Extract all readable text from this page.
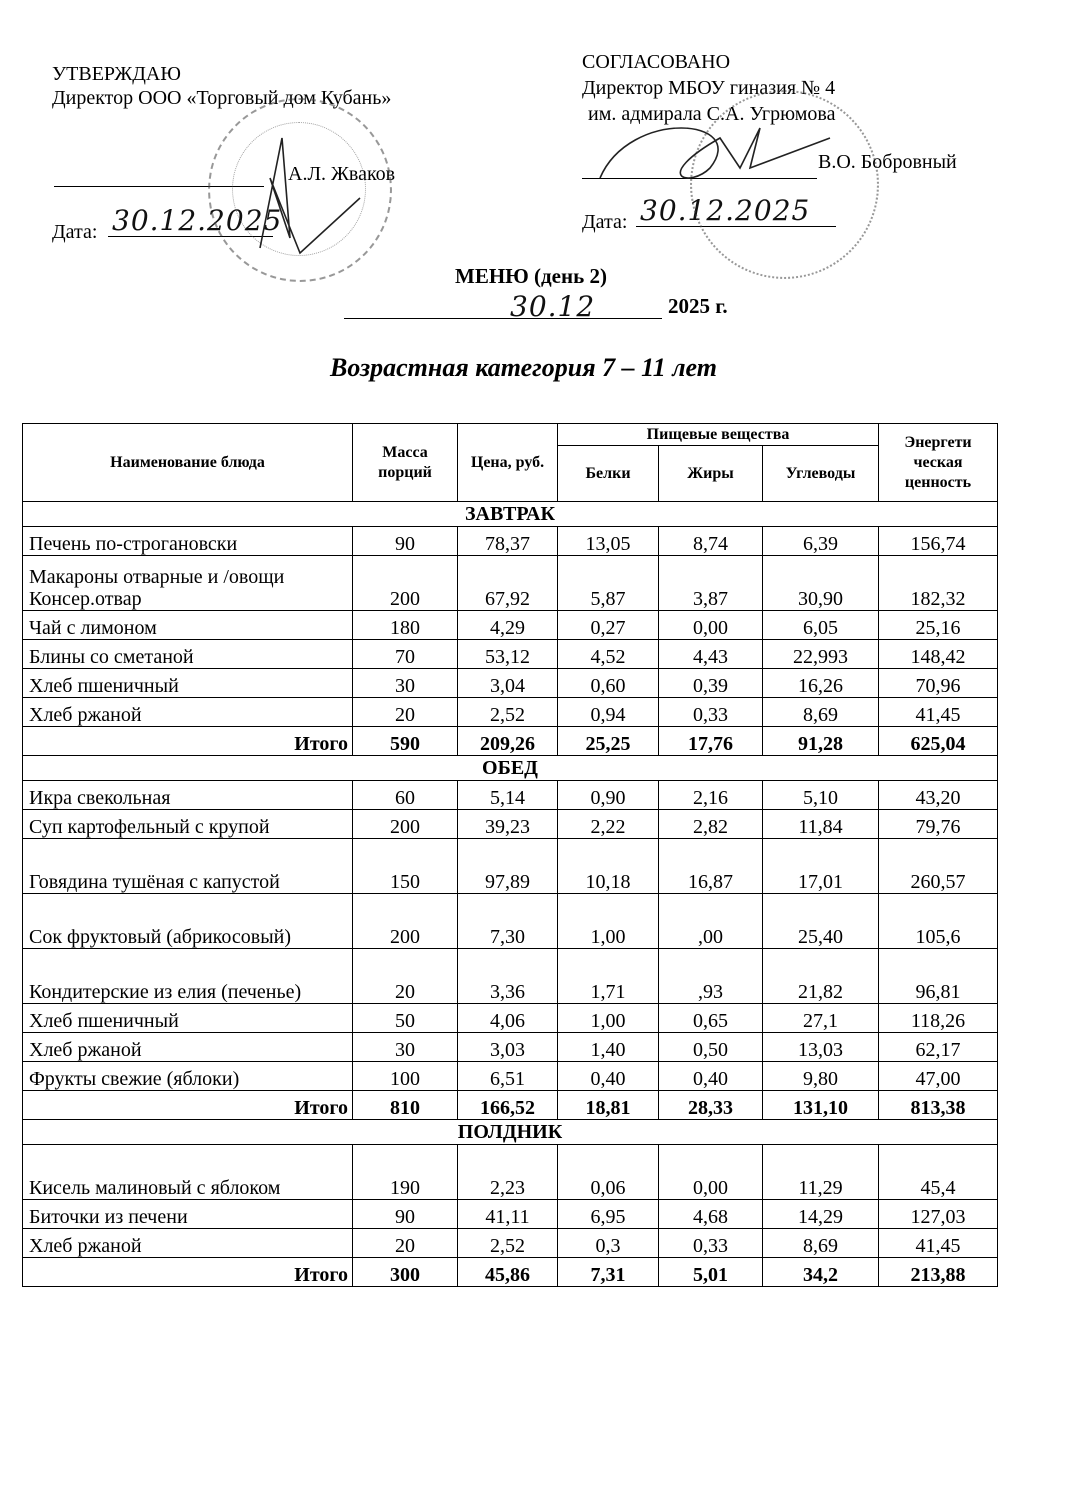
УТВЕРЖДАЮ
Директор ООО «Торговый дом Кубань»
А.Л. Жваков
Дата: 30.12.2025
СОГЛАСОВАНО
Директор МБОУ гиназия № 4
им. адмирала С.А. Угрюмова
В.О. Бобровный
Дата: 30.12.2025
МЕНЮ (день 2)
30.12	2025 г.
Возрастная категория 7 – 11 лет
Наименование блюда	Масса порций	Цена, руб.	Пищевые вещества			Энергети ческая ценность
			Белки	Жиры	Углеводы	
ЗАВТРАК						
Печень по-строгановски	90	78,37	13,05	8,74	6,39	156,74
Макароны отварные и /овощи Консер.отвар	200	67,92	5,87	3,87	30,90	182,32
Чай с лимоном	180	4,29	0,27	0,00	6,05	25,16
Блины со сметаной	70	53,12	4,52	4,43	22,993	148,42
Хлеб пшеничный	30	3,04	0,60	0,39	16,26	70,96
Хлеб ржаной	20	2,52	0,94	0,33	8,69	41,45
Итого	590	209,26	25,25	17,76	91,28	625,04
ОБЕД						
Икра свекольная	60	5,14	0,90	2,16	5,10	43,20
Суп картофельный с крупой	200	39,23	2,22	2,82	11,84	79,76
Говядина тушёная с капустой	150	97,89	10,18	16,87	17,01	260,57
Сок фруктовый (абрикосовый)	200	7,30	1,00	,00	25,40	105,6
Кондитерские из елия (печенье)	20	3,36	1,71	,93	21,82	96,81
Хлеб пшеничный	50	4,06	1,00	0,65	27,1	118,26
Хлеб ржаной	30	3,03	1,40	0,50	13,03	62,17
Фрукты свежие (яблоки)	100	6,51	0,40	0,40	9,80	47,00
Итого	810	166,52	18,81	28,33	131,10	813,38
ПОЛДНИК						
Кисель малиновый с яблоком	190	2,23	0,06	0,00	11,29	45,4
Биточки из печени	90	41,11	6,95	4,68	14,29	127,03
Хлеб ржаной	20	2,52	0,3	0,33	8,69	41,45
Итого	300	45,86	7,31	5,01	34,2	213,88
